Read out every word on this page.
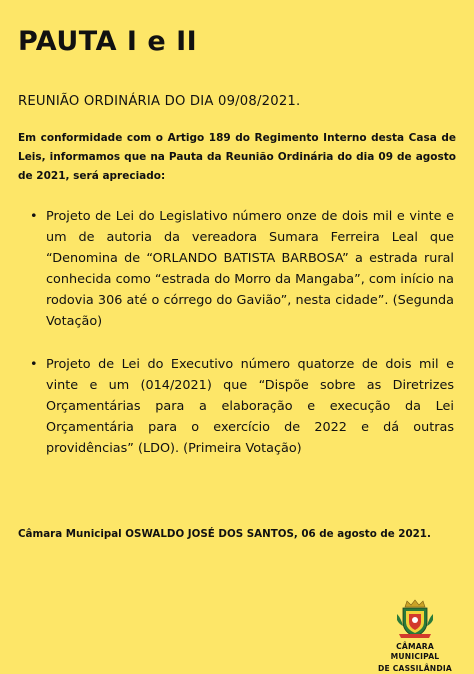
PAUTA I e II
REUNIÃO ORDINÁRIA DO DIA 09/08/2021.
Em conformidade com o Artigo 189 do Regimento Interno desta Casa de Leis, informamos que na Pauta da Reunião Ordinária do dia 09 de agosto de 2021, será apreciado:
• Projeto de Lei do Legislativo número onze de dois mil e vinte e um de autoria da vereadora Sumara Ferreira Leal que “Denomina de “ORLANDO BATISTA BARBOSA” a estrada rural conhecida como “estrada do Morro da Mangaba”, com início na rodovia 306 até o córrego do Gavião”, nesta cidade”. (Segunda Votação)
• Projeto de Lei do Executivo número quatorze de dois mil e vinte e um (014/2021) que “Dispõe sobre as Diretrizes Orçamentárias para a elaboração e execução da Lei Orçamentária para o exercício de 2022 e dá outras providências” (LDO). (Primeira Votação)
Câmara Municipal OSWALDO JOSÉ DOS SANTOS, 06 de agosto de 2021.
CÂMARA MUNICIPAL
DE CASSILÂNDIA
